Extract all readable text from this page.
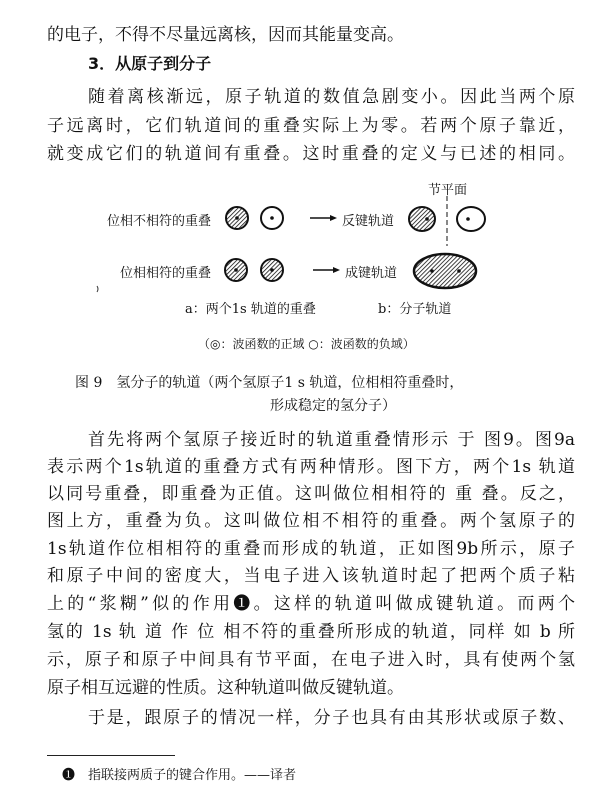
的电子，不得不尽量远离核，因而其能量变高。
3．从原子到分子
随着离核渐远，原子轨道的数值急剧变小。因此当两个原
子远离时，它们轨道间的重叠实际上为零。若两个原子靠近，
就变成它们的轨道间有重叠。这时重叠的定义与已述的相同。
节平面
位相不相符的重叠	反键轨道
位相相符的重叠	成键轨道
a：两个1s 轨道的重叠	b：分子轨道
（◎：波函数的正域 ○：波函数的负域）
图 9　氢分子的轨道（两个氢原子1 s 轨道，位相相符重叠时，
形成稳定的氢分子）
首先将两个氢原子接近时的轨道重叠情形示 于 图9。图9a
表示两个1s轨道的重叠方式有两种情形。图下方，两个1s 轨道
以同号重叠，即重叠为正值。这叫做位相相符的 重 叠。反之，
图上方，重叠为负。这叫做位相不相符的重叠。两个氢原子的
1s轨道作位相相符的重叠而形成的轨道，正如图9b所示，原子
和原子中间的密度大，当电子进入该轨道时起了把两个质子粘
上的“浆糊”似的作用❶。这样的轨道叫做成键轨道。而两个
氢的 1s 轨 道 作 位 相不符的重叠所形成的轨道，同样 如 b 所
示，原子和原子中间具有节平面，在电子进入时，具有使两个氢
原子相互远避的性质。这种轨道叫做反键轨道。
于是，跟原子的情况一样，分子也具有由其形状或原子数、
❶　指联接两质子的键合作用。——译者
